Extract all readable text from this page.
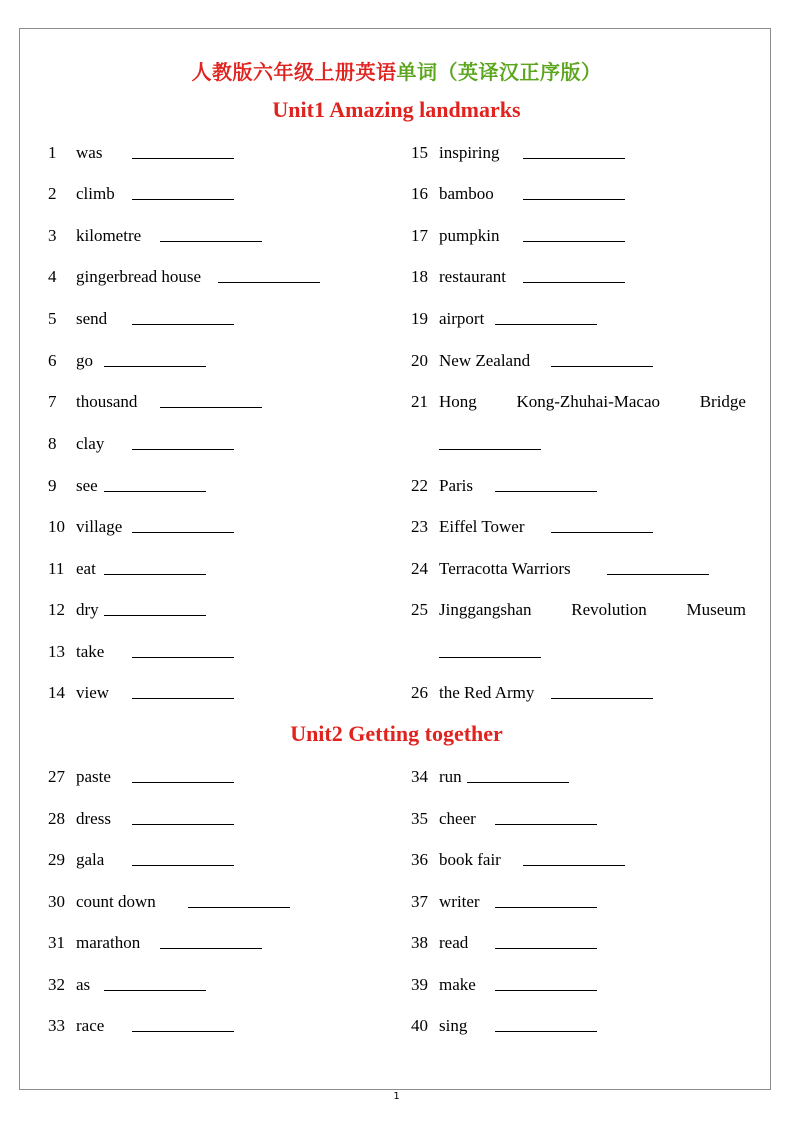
人教版六年级上册英语单词（英译汉正序版）
Unit1 Amazing landmarks
Unit2 Getting together
1 was
2 climb
3 kilometre
4 gingerbread house
5 send
6 go
7 thousand
8 clay
9 see
10 village
11 eat
12 dry
13 take
14 view
15 inspiring
16 bamboo
17 pumpkin
18 restaurant
19 airport
20 New Zealand
21 Hong Kong-Zhuhai-Macao Bridge
22 Paris
23 Eiffel Tower
24 Terracotta Warriors
25 Jinggangshan Revolution Museum
26 the Red Army
27 paste
28 dress
29 gala
30 count down
31 marathon
32 as
33 race
34 run
35 cheer
36 book fair
37 writer
38 read
39 make
40 sing
1
